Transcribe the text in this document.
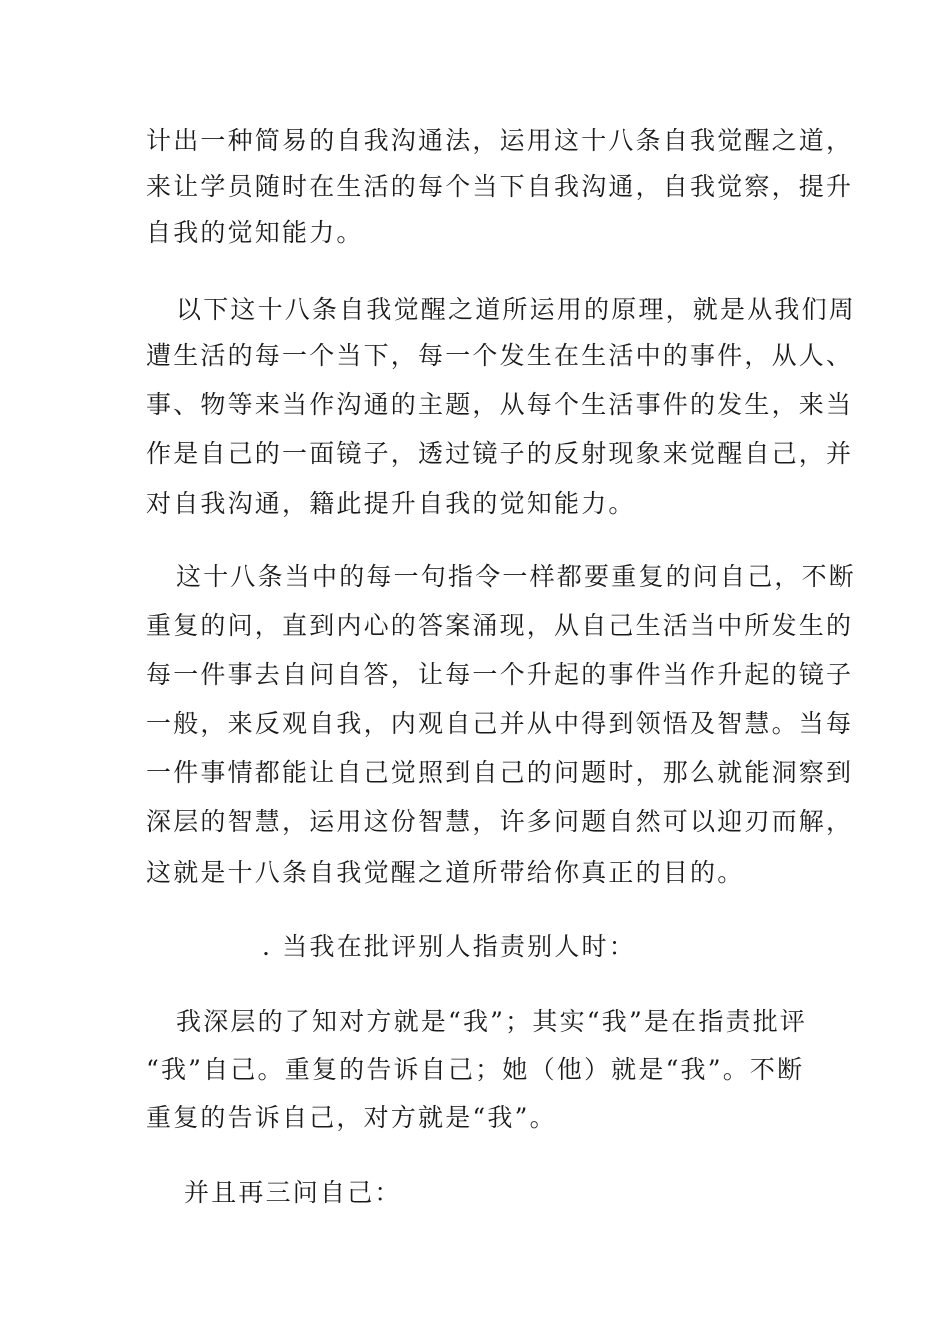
计出一种简易的自我沟通法，运用这十八条自我觉醒之道，
来让学员随时在生活的每个当下自我沟通，自我觉察，提升
自我的觉知能力。
以下这十八条自我觉醒之道所运用的原理，就是从我们周
遭生活的每一个当下，每一个发生在生活中的事件，从人、
事、物等来当作沟通的主题，从每个生活事件的发生，来当
作是自己的一面镜子，透过镜子的反射现象来觉醒自己，并
对自我沟通，籍此提升自我的觉知能力。
这十八条当中的每一句指令一样都要重复的问自己，不断
重复的问，直到内心的答案涌现，从自己生活当中所发生的
每一件事去自问自答，让每一个升起的事件当作升起的镜子
一般，来反观自我，内观自己并从中得到领悟及智慧。当每
一件事情都能让自己觉照到自己的问题时，那么就能洞察到
深层的智慧，运用这份智慧，许多问题自然可以迎刃而解，
这就是十八条自我觉醒之道所带给你真正的目的。
. 当我在批评别人指责别人时：
我深层的了知对方就是“我”；其实“我”是在指责批评
“我”自己。重复的告诉自己；她（他）就是“我”。不断
重复的告诉自己，对方就是“我”。
并且再三问自己：
